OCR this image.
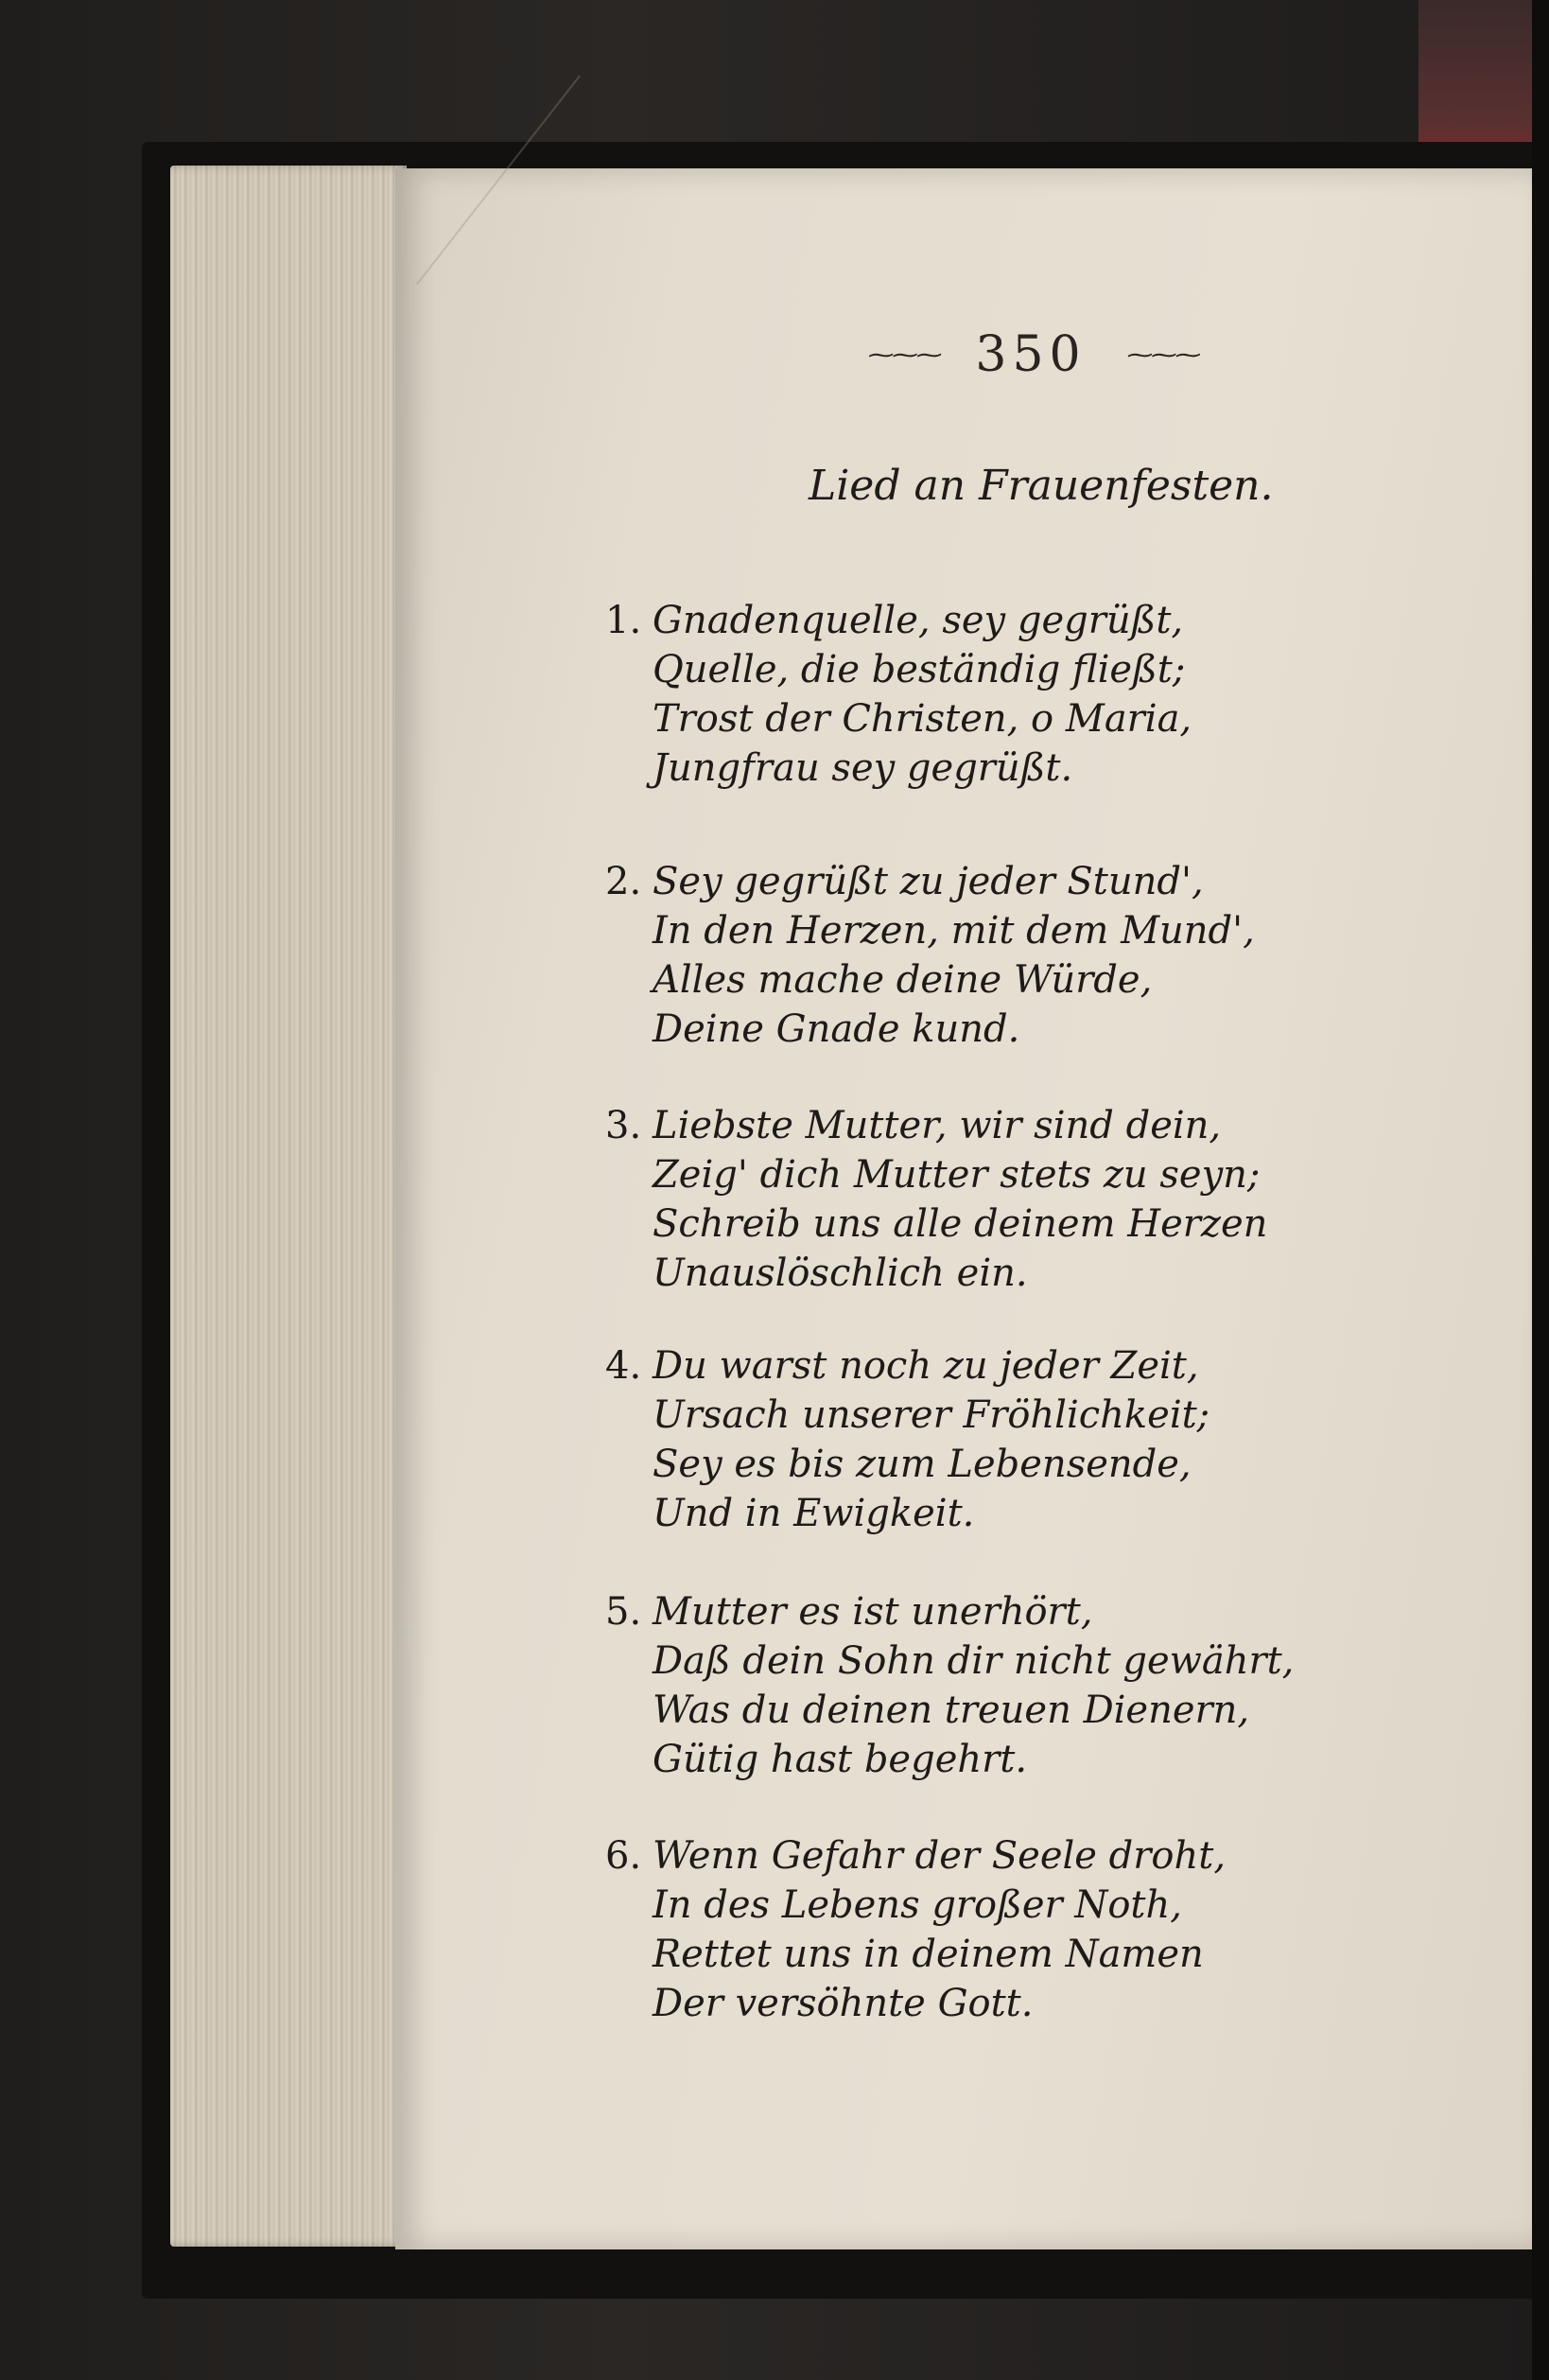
∼∼∼ 350 ∼∼∼
Lied an Frauenfesten.
1. Gnadenquelle, sey gegrüßt,
Quelle, die beständig fließt;
Trost der Christen, o Maria,
Jungfrau sey gegrüßt.
2. Sey gegrüßt zu jeder Stund',
In den Herzen, mit dem Mund',
Alles mache deine Würde,
Deine Gnade kund.
3. Liebste Mutter, wir sind dein,
Zeig' dich Mutter stets zu seyn;
Schreib uns alle deinem Herzen
Unauslöschlich ein.
4. Du warst noch zu jeder Zeit,
Ursach unserer Fröhlichkeit;
Sey es bis zum Lebensende,
Und in Ewigkeit.
5. Mutter es ist unerhört,
Daß dein Sohn dir nicht gewährt,
Was du deinen treuen Dienern,
Gütig hast begehrt.
6. Wenn Gefahr der Seele droht,
In des Lebens großer Noth,
Rettet uns in deinem Namen
Der versöhnte Gott.
